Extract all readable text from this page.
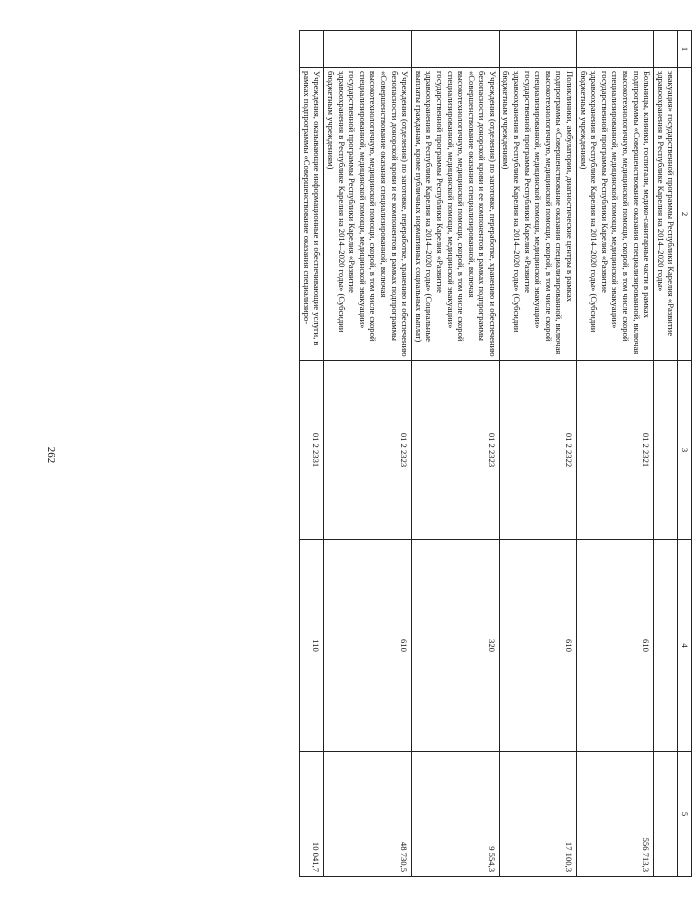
262
1	2	3	4	5
	эвакуация» государственной программы Республики Карелия «Развитие здравоохранения в Республике Карелия на 2014–2020 годы»			
	Больницы, клиники, госпитали, медико-санитарные части в рамках подпрограммы «Совершенствование оказания специализированной, включая высокотехнологичную, медицинской помощи, скорой, в том числе скорой специализированной, медицинской помощи, медицинской эвакуации» государственной программы Республики Карелия «Развитие здравоохранения в Республике Карелия на 2014–2020 годы» (Субсидии бюджетным учреждениям)	01 2 2321	610	556 713,3
	Поликлиники, амбулатории, диагностические центры в рамках подпрограммы «Совершенствование оказания специализированной, включая высокотехнологичную, медицинской помощи, скорой, в том числе скорой специализированной, медицинской помощи, медицинской эвакуации» государственной программы Республики Карелия «Развитие здравоохранения в Республике Карелия на 2014–2020 годы» (Субсидии бюджетным учреждениям)	01 2 2322	610	17 100,3
	Учреждения (отделения) по заготовке, переработке, хранению и обеспечению безопасности донорской крови и ее компонентов в рамках подпрограммы «Совершенствование оказания специализированной, включая высокотехнологичную, медицинской помощи, скорой, в том числе скорой специализированной, медицинской помощи, медицинской эвакуации» государственной программы Республики Карелия «Развитие здравоохранения в Республике Карелия на 2014–2020 годы» (Социальные выплаты гражданам, кроме публичных нормативных социальных выплат)	01 2 2323	320	9 554,3
	Учреждения (отделения) по заготовке, переработке, хранению и обеспечению безопасности донорской крови и ее компонентов в рамках подпрограммы «Совершенствование оказания специализированной, включая высокотехнологичную, медицинской помощи, скорой, в том числе скорой специализированной, медицинской помощи, медицинской эвакуации» государственной программы Республики Карелия «Развитие здравоохранения в Республике Карелия на 2014–2020 годы» (Субсидии бюджетным учреждениям)	01 2 2323	610	48 730,5
	Учреждения, оказывающие информационные и обеспечивающие услуги, в рамках подпрограммы «Совершенствование оказания специализиро-	01 2 2331	110	10 041,7
